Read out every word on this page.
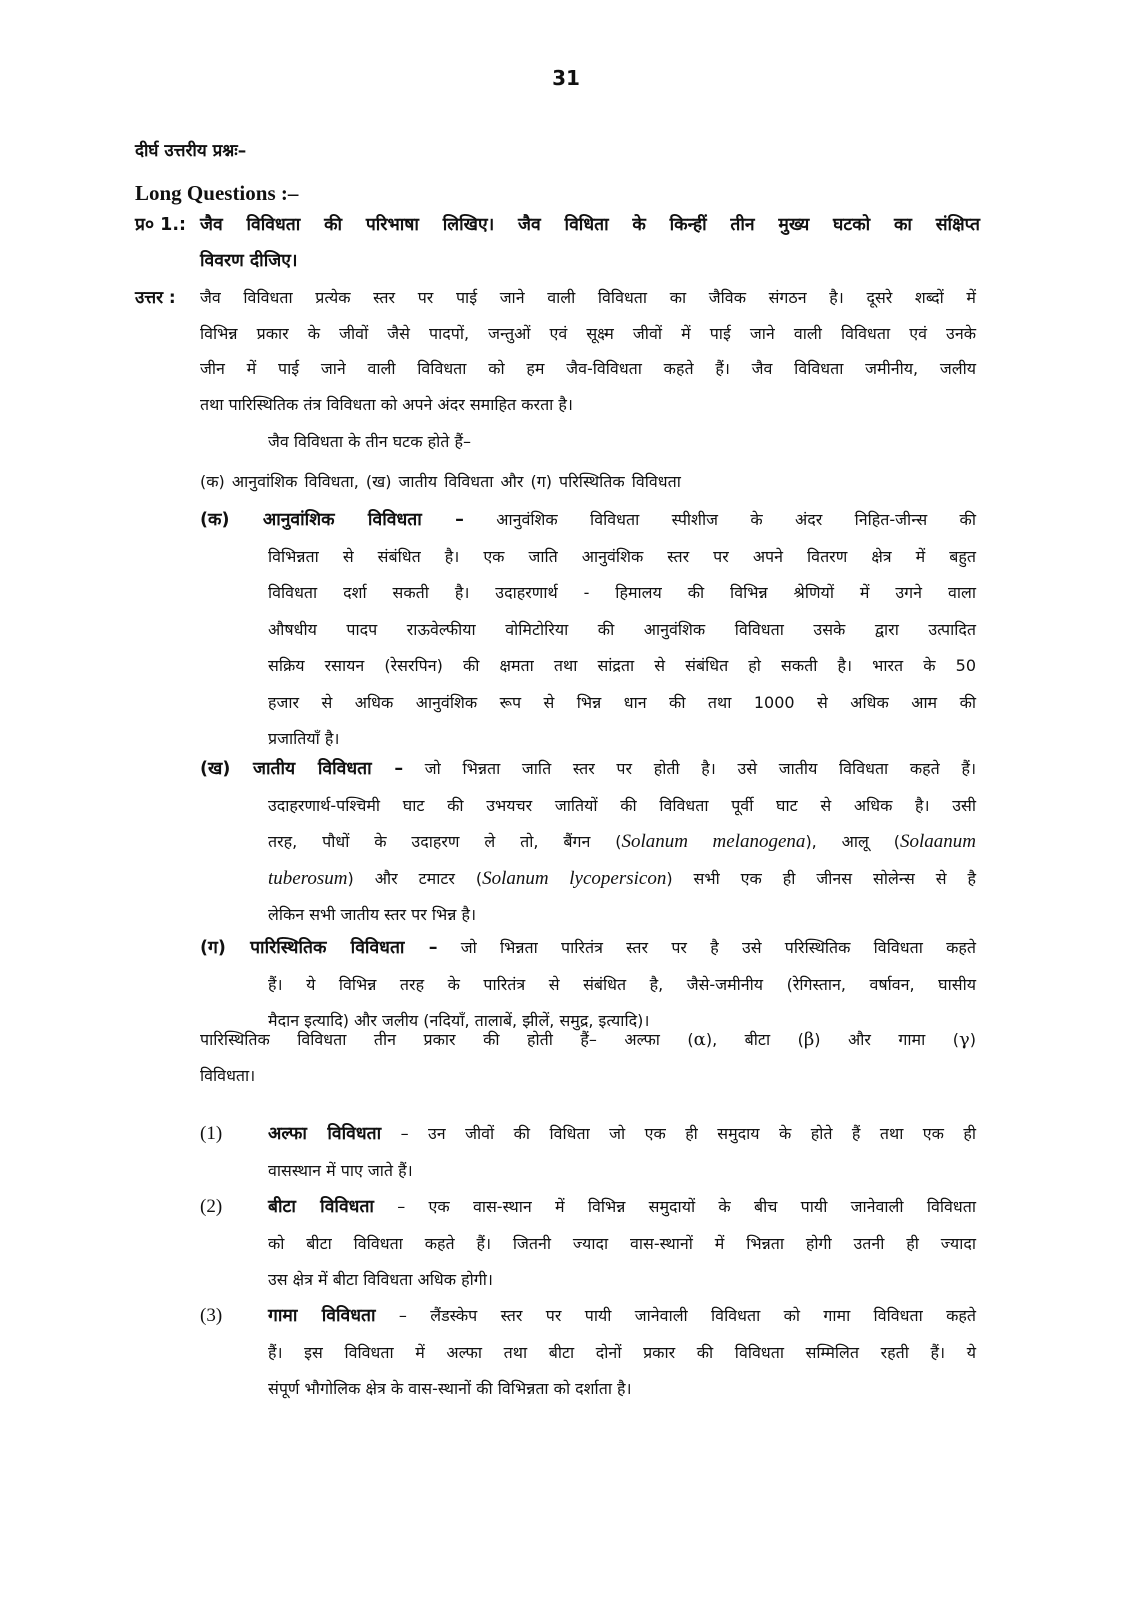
31
दीर्घ उत्तरीय प्रश्नः–
Long Questions :–
प्र० 1.: जैव विविधता की परिभाषा लिखिए। जैव विधिता के किन्हीं तीन मुख्य घटको का संक्षिप्त
विवरण दीजिए।
उत्तर : जैव विविधता प्रत्येक स्तर पर पाई जाने वाली विविधता का जैविक संगठन है। दूसरे शब्दों में
विभिन्न प्रकार के जीवों जैसे पादपों, जन्तुओं एवं सूक्ष्म जीवों में पाई जाने वाली विविधता एवं उनके
जीन में पाई जाने वाली विविधता को हम जैव-विविधता कहते हैं। जैव विविधता जमीनीय, जलीय
तथा पारिस्थितिक तंत्र विविधता को अपने अंदर समाहित करता है।
जैव विविधता के तीन घटक होते हैं–
(क) आनुवांशिक विविधता, (ख) जातीय विविधता और (ग) परिस्थितिक विविधता
(क) आनुवांशिक विविधता – आनुवंशिक विविधता स्पीशीज के अंदर निहित-जीन्स की
विभिन्नता से संबंधित है। एक जाति आनुवंशिक स्तर पर अपने वितरण क्षेत्र में बहुत
विविधता दर्शा सकती है। उदाहरणार्थ - हिमालय की विभिन्न श्रेणियों में उगने वाला
औषधीय पादप राऊवेल्फीया वोमिटोरिया की आनुवंशिक विविधता उसके द्वारा उत्पादित
सक्रिय रसायन (रेसरपिन) की क्षमता तथा सांद्रता से संबंधित हो सकती है। भारत के 50
हजार से अधिक आनुवंशिक रूप से भिन्न धान की तथा 1000 से अधिक आम की
प्रजातियाँ है।
(ख) जातीय विविधता – जो भिन्नता जाति स्तर पर होती है। उसे जातीय विविधता कहते हैं।
उदाहरणार्थ-पश्चिमी घाट की उभयचर जातियों की विविधता पूर्वी घाट से अधिक है। उसी
तरह, पौधों के उदाहरण ले तो, बैंगन (Solanum melanogena), आलू (Solaanum
tuberosum) और टमाटर (Solanum lycopersicon) सभी एक ही जीनस सोलेन्स से है
लेकिन सभी जातीय स्तर पर भिन्न है।
(ग) पारिस्थितिक विविधता – जो भिन्नता पारितंत्र स्तर पर है उसे परिस्थितिक विविधता कहते
हैं। ये विभिन्न तरह के पारितंत्र से संबंधित है, जैसे-जमीनीय (रेगिस्तान, वर्षावन, घासीय
मैदान इत्यादि) और जलीय (नदियाँ, तालाबें, झीलें, समुद्र, इत्यादि)।
पारिस्थितिक विविधता तीन प्रकार की होती हैं– अल्फा (α), बीटा (β) और गामा (γ)
विविधता।
(1)	अल्फा विविधता – उन जीवों की विधिता जो एक ही समुदाय के होते हैं तथा एक ही
वासस्थान में पाए जाते हैं।
(2)	बीटा विविधता – एक वास-स्थान में विभिन्न समुदायों के बीच पायी जानेवाली विविधता
को बीटा विविधता कहते हैं। जितनी ज्यादा वास-स्थानों में भिन्नता होगी उतनी ही ज्यादा
उस क्षेत्र में बीटा विविधता अधिक होगी।
(3)	गामा विविधता – लैंडस्केप स्तर पर पायी जानेवाली विविधता को गामा विविधता कहते
हैं। इस विविधता में अल्फा तथा बीटा दोनों प्रकार की विविधता सम्मिलित रहती हैं। ये
संपूर्ण भौगोलिक क्षेत्र के वास-स्थानों की विभिन्नता को दर्शाता है।
